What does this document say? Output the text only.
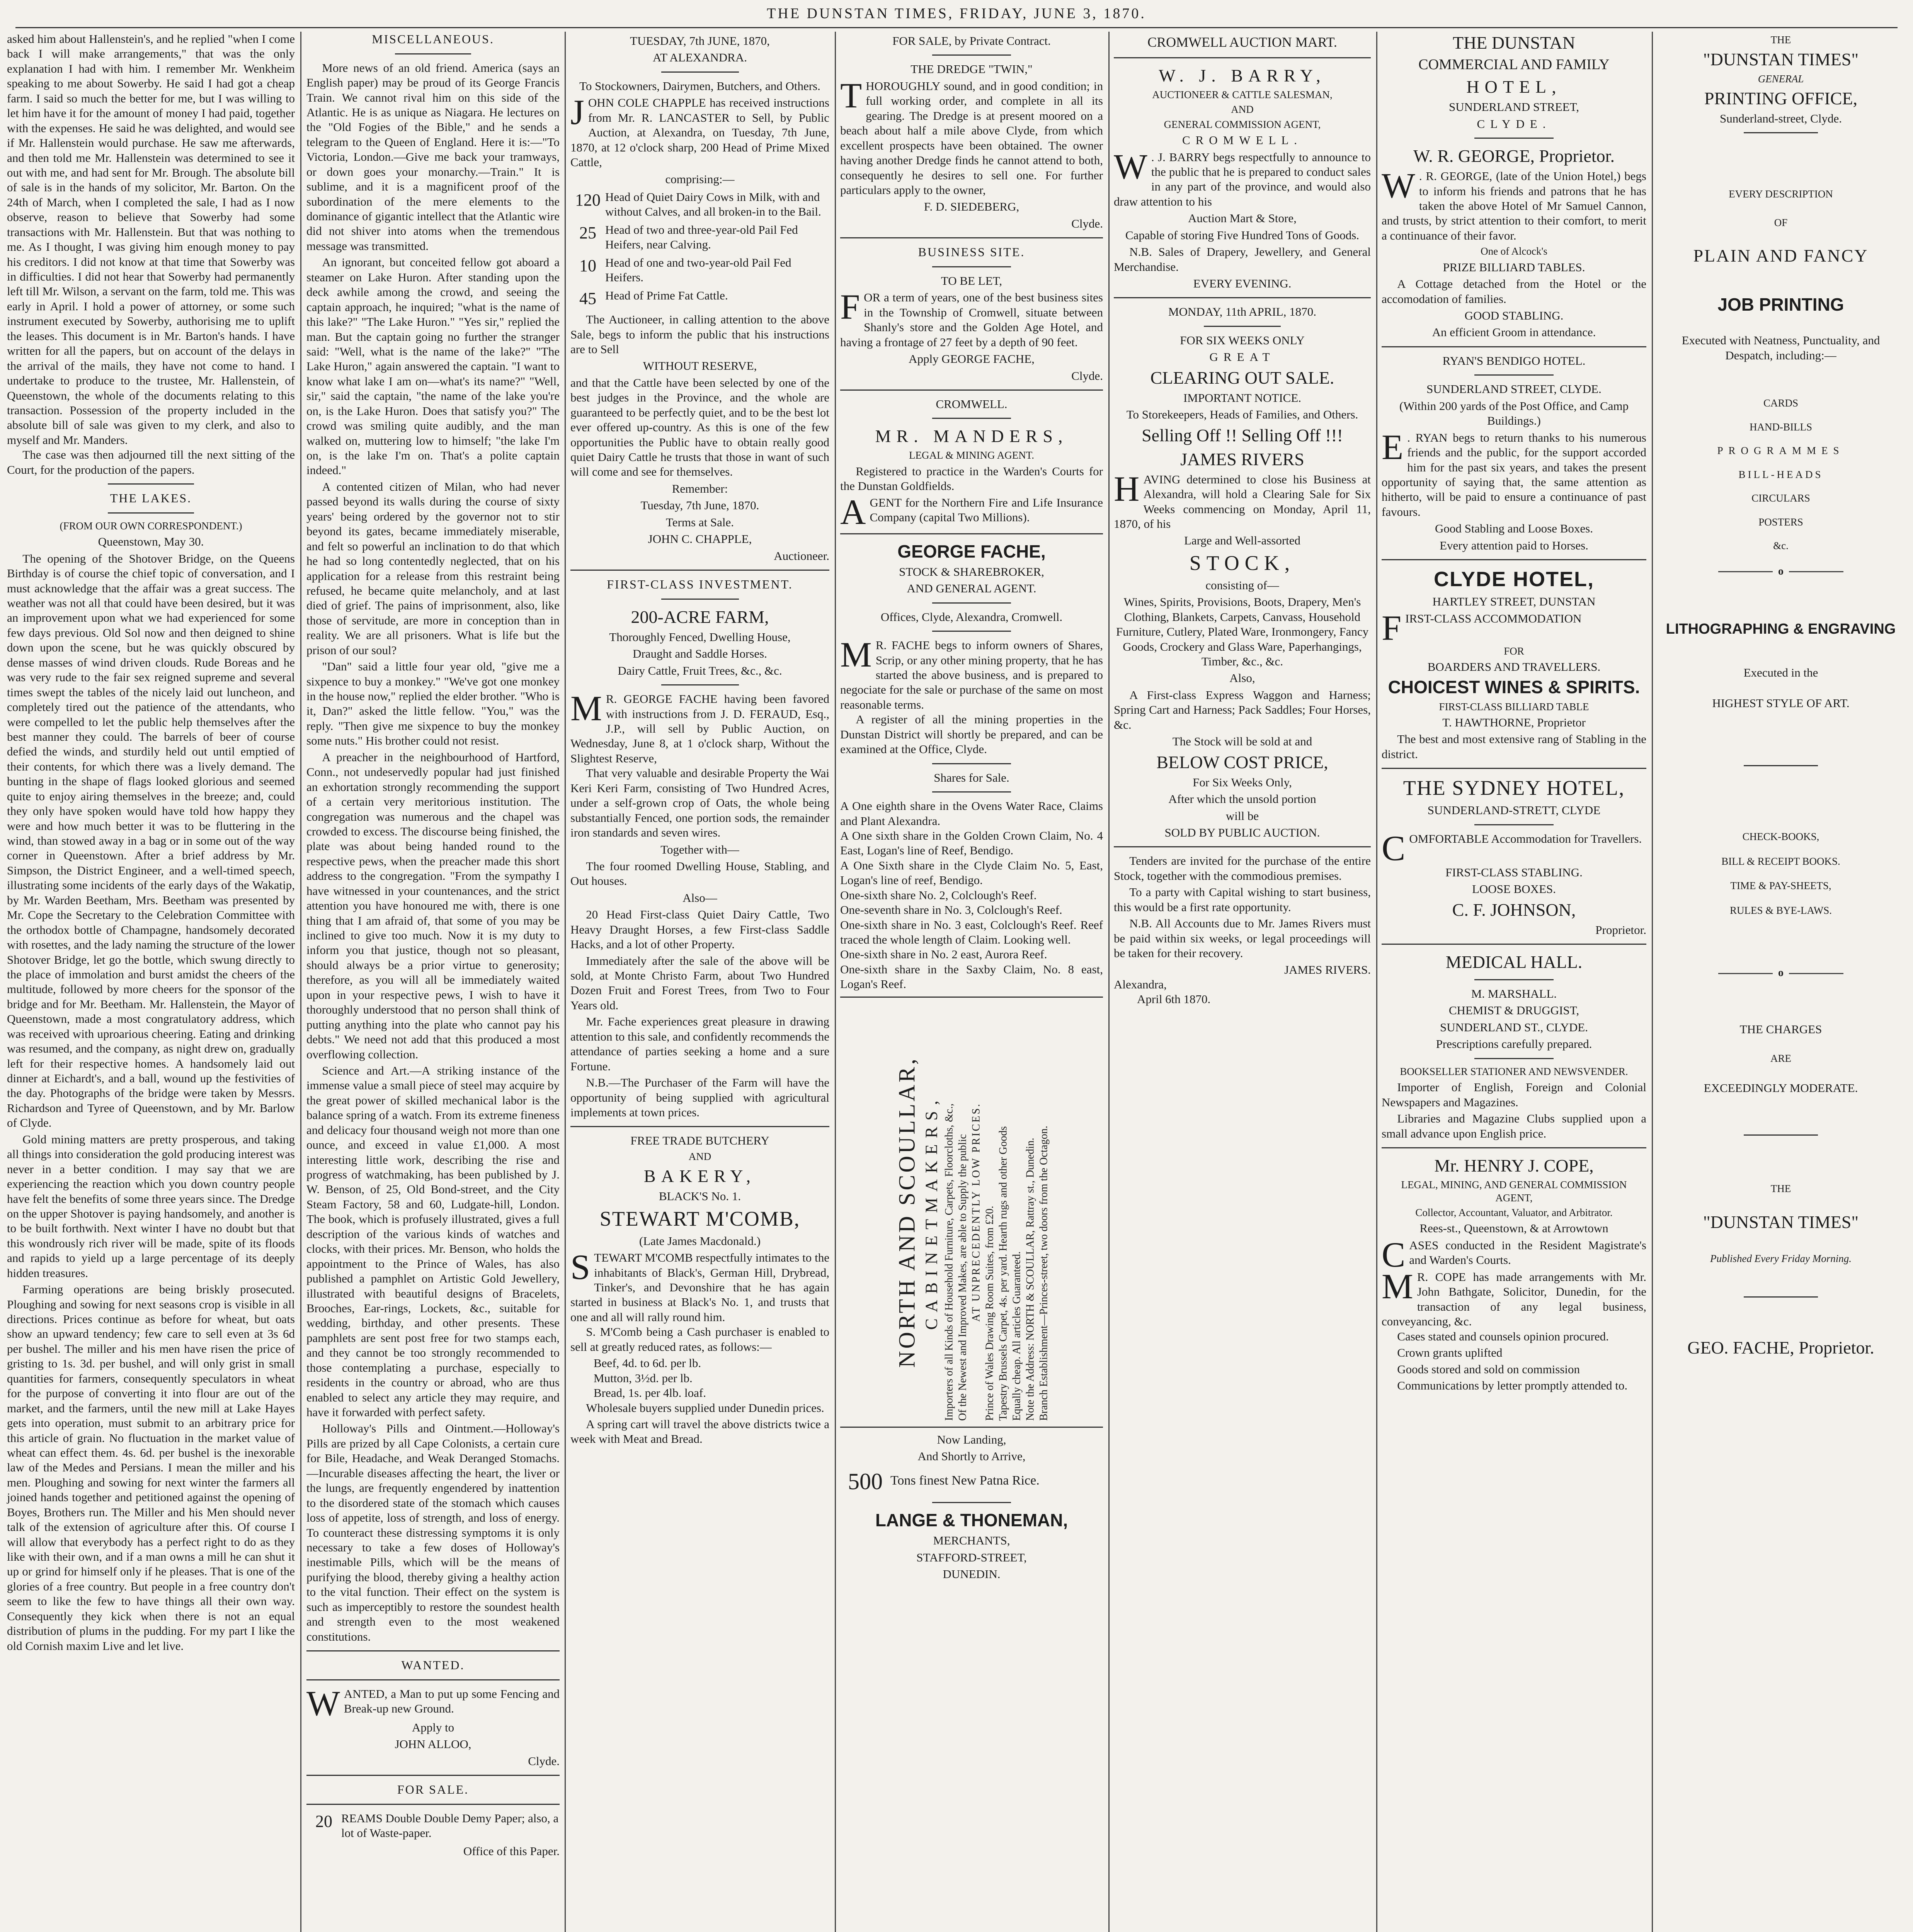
THE DUNSTAN TIMES, FRIDAY, JUNE 3, 1870.

asked him about Hallenstein's, and he replied "when I come back I will make arrangements," that was the only explanation I had with him. I remember Mr. Wenkheim speaking to me about Sowerby. He said I had got a cheap farm. I said so much the better for me, but I was willing to let him have it for the amount of money I had paid, together with the expenses. He said he was delighted, and would see if Mr. Hallenstein would purchase. He saw me afterwards, and then told me Mr. Hallenstein was determined to see it out with me, and had sent for Mr. Brough. The absolute bill of sale is in the hands of my solicitor, Mr. Barton. On the 24th of March, when I completed the sale, I had as I now observe, reason to believe that Sowerby had some transactions with Mr. Hallenstein. But that was nothing to me. As I thought, I was giving him enough money to pay his creditors. I did not know at that time that Sowerby was in difficulties. I did not hear that Sowerby had permanently left till Mr. Wilson, a servant on the farm, told me. This was early in April. I hold a power of attorney, or some such instrument executed by Sowerby, authorising me to uplift the leases. This document is in Mr. Barton's hands. I have written for all the papers, but on account of the delays in the arrival of the mails, they have not come to hand. I undertake to produce to the trustee, Mr. Hallenstein, of Queenstown, the whole of the documents relating to this transaction. Possession of the property included in the absolute bill of sale was given to my clerk, and also to myself and Mr. Manders.

The case was then adjourned till the next sitting of the Court, for the production of the papers.

THE LAKES.
(FROM OUR OWN CORRESPONDENT.)
Queenstown, May 30.

The opening of the Shotover Bridge, on the Queens Birthday is of course the chief topic of conversation, and I must acknowledge that the affair was a great success. The weather was not all that could have been desired, but it was an improvement upon what we had experienced for some few days previous. Old Sol now and then deigned to shine down upon the scene, but he was quickly obscured by dense masses of wind driven clouds. Rude Boreas and he was very rude to the fair sex reigned supreme and several times swept the tables of the nicely laid out luncheon, and completely tired out the patience of the attendants, who were compelled to let the public help themselves after the best manner they could. The barrels of beer of course defied the winds, and sturdily held out until emptied of their contents, for which there was a lively demand. The bunting in the shape of flags looked glorious and seemed quite to enjoy airing themselves in the breeze; and, could they only have spoken would have told how happy they were and how much better it was to be fluttering in the wind, than stowed away in a bag or in some out of the way corner in Queenstown. After a brief address by Mr. Simpson, the District Engineer, and a well-timed speech, illustrating some incidents of the early days of the Wakatip, by Mr. Warden Beetham, Mrs. Beetham was presented by Mr. Cope the Secretary to the Celebration Committee with the orthodox bottle of Champagne, handsomely decorated with rosettes, and the lady naming the structure of the lower Shotover Bridge, let go the bottle, which swung directly to the place of immolation and burst amidst the cheers of the multitude, followed by more cheers for the sponsor of the bridge and for Mr. Beetham. Mr. Hallenstein, the Mayor of Queenstown, made a most congratulatory address, which was received with uproarious cheering. Eating and drinking was resumed, and the company, as night drew on, gradually left for their respective homes. A handsomely laid out dinner at Eichardt's, and a ball, wound up the festivities of the day. Photographs of the bridge were taken by Messrs. Richardson and Tyree of Queenstown, and by Mr. Barlow of Clyde.

Gold mining matters are pretty prosperous, and taking all things into consideration the gold producing interest was never in a better condition. I may say that we are experiencing the reaction which you down country people have felt the benefits of some three years since. The Dredge on the upper Shotover is paying handsomely, and another is to be built forthwith. Next winter I have no doubt but that this wondrously rich river will be made, spite of its floods and rapids to yield up a large percentage of its deeply hidden treasures.

Farming operations are being briskly prosecuted. Ploughing and sowing for next seasons crop is visible in all directions. Prices continue as before for wheat, but oats show an upward tendency; few care to sell even at 3s 6d per bushel. The miller and his men have risen the price of gristing to 1s. 3d. per bushel, and will only grist in small quantities for farmers, consequently speculators in wheat for the purpose of converting it into flour are out of the market, and the farmers, until the new mill at Lake Hayes gets into operation, must submit to an arbitrary price for this article of grain. No fluctuation in the market value of wheat can effect them. 4s. 6d. per bushel is the inexorable law of the Medes and Persians. I mean the miller and his men. Ploughing and sowing for next winter the farmers all joined hands together and petitioned against the opening of Boyes, Brothers run. The Miller and his Men should never talk of the extension of agriculture after this. Of course I will allow that everybody has a perfect right to do as they like with their own, and if a man owns a mill he can shut it up or grind for himself only if he pleases. That is one of the glories of a free country. But people in a free country don't seem to like the few to have things all their own way. Consequently they kick when there is not an equal distribution of plums in the pudding. For my part I like the old Cornish maxim Live and let live.

MISCELLANEOUS.

More news of an old friend. America (says an English paper) may be proud of its George Francis Train. We cannot rival him on this side of the Atlantic. He is as unique as Niagara. He lectures on the "Old Fogies of the Bible," and he sends a telegram to the Queen of England. Here it is:—"To Victoria, London.—Give me back your tramways, or down goes your monarchy.—Train." It is sublime, and it is a magnificent proof of the subordination of the mere elements to the dominance of gigantic intellect that the Atlantic wire did not shiver into atoms when the tremendous message was transmitted.

An ignorant, but conceited fellow got aboard a steamer on Lake Huron. After standing upon the deck awhile among the crowd, and seeing the captain approach, he inquired; "what is the name of this lake?" "The Lake Huron." "Yes sir," replied the man. But the captain going no further the stranger said: "Well, what is the name of the lake?" "The Lake Huron," again answered the captain. "I want to know what lake I am on—what's its name?" "Well, sir," said the captain, "the name of the lake you're on, is the Lake Huron. Does that satisfy you?" The crowd was smiling quite audibly, and the man walked on, muttering low to himself; "the lake I'm on, is the lake I'm on. That's a polite captain indeed."

A contented citizen of Milan, who had never passed beyond its walls during the course of sixty years' being ordered by the governor not to stir beyond its gates, became immediately miserable, and felt so powerful an inclination to do that which he had so long contentedly neglected, that on his application for a release from this restraint being refused, he became quite melancholy, and at last died of grief. The pains of imprisonment, also, like those of servitude, are more in conception than in reality. We are all prisoners. What is life but the prison of our soul?

"Dan" said a little four year old, "give me a sixpence to buy a monkey." "We've got one monkey in the house now," replied the elder brother. "Who is it, Dan?" asked the little fellow. "You," was the reply. "Then give me sixpence to buy the monkey some nuts." His brother could not resist.

A preacher in the neighbourhood of Hartford, Conn., not undeservedly popular had just finished an exhortation strongly recommending the support of a certain very meritorious institution. The congregation was numerous and the chapel was crowded to excess. The discourse being finished, the plate was about being handed round to the respective pews, when the preacher made this short address to the congregation. "From the sympathy I have witnessed in your countenances, and the strict attention you have honoured me with, there is one thing that I am afraid of, that some of you may be inclined to give too much. Now it is my duty to inform you that justice, though not so pleasant, should always be a prior virtue to generosity; therefore, as you will all be immediately waited upon in your respective pews, I wish to have it thoroughly understood that no person shall think of putting anything into the plate who cannot pay his debts." We need not add that this produced a most overflowing collection.

Science and Art.—A striking instance of the immense value a small piece of steel may acquire by the great power of skilled mechanical labor is the balance spring of a watch. From its extreme fineness and delicacy four thousand weigh not more than one ounce, and exceed in value £1,000. A most interesting little work, describing the rise and progress of watchmaking, has been published by J. W. Benson, of 25, Old Bond-street, and the City Steam Factory, 58 and 60, Ludgate-hill, London. The book, which is profusely illustrated, gives a full description of the various kinds of watches and clocks, with their prices. Mr. Benson, who holds the appointment to the Prince of Wales, has also published a pamphlet on Artistic Gold Jewellery, illustrated with beautiful designs of Bracelets, Brooches, Ear-rings, Lockets, &c., suitable for wedding, birthday, and other presents. These pamphlets are sent post free for two stamps each, and they cannot be too strongly recommended to those contemplating a purchase, especially to residents in the country or abroad, who are thus enabled to select any article they may require, and have it forwarded with perfect safety.

Holloway's Pills and Ointment.—Holloway's Pills are prized by all Cape Colonists, a certain cure for Bile, Headache, and Weak Deranged Stomachs.—Incurable diseases affecting the heart, the liver or the lungs, are frequently engendered by inattention to the disordered state of the stomach which causes loss of appetite, loss of strength, and loss of energy. To counteract these distressing symptoms it is only necessary to take a few doses of Holloway's inestimable Pills, which will be the means of purifying the blood, thereby giving a healthy action to the vital function. Their effect on the system is such as imperceptibly to restore the soundest health and strength even to the most weakened constitutions.

WANTED.

WANTED, a Man to put up some Fencing and Break-up new Ground.

Apply to
JOHN ALLOO,
Clyde.
FOR SALE.
20 REAMS Double Double Demy Paper; also, a lot of Waste-paper.
Office of this Paper.
TUESDAY, 7th JUNE, 1870,
AT ALEXANDRA.
To Stockowners, Dairymen, Butchers, and Others.

JOHN COLE CHAPPLE has received instructions from Mr. R. LANCASTER to Sell, by Public Auction, at Alexandra, on Tuesday, 7th June, 1870, at 12 o'clock sharp, 200 Head of Prime Mixed Cattle,

comprising:—
120 Head of Quiet Dairy Cows in Milk, with and without Calves, and all broken-in to the Bail.
25 Head of two and three-year-old Pail Fed Heifers, near Calving.
10 Head of one and two-year-old Pail Fed Heifers.
45 Head of Prime Fat Cattle.

The Auctioneer, in calling attention to the above Sale, begs to inform the public that his instructions are to Sell

WITHOUT RESERVE,

and that the Cattle have been selected by one of the best judges in the Province, and the whole are guaranteed to be perfectly quiet, and to be the best lot ever offered up-country. As this is one of the few opportunities the Public have to obtain really good quiet Dairy Cattle he trusts that those in want of such will come and see for themselves.

Remember:
Tuesday, 7th June, 1870.
Terms at Sale.
JOHN C. CHAPPLE,
Auctioneer.
FIRST-CLASS INVESTMENT.
200-ACRE FARM,
Thoroughly Fenced, Dwelling House,
Draught and Saddle Horses.
Dairy Cattle, Fruit Trees, &c., &c.

M R. GEORGE FACHE having been favored with instructions from J. D. FERAUD, Esq., J.P., will sell by Public Auction, on Wednesday, June 8, at 1 o'clock sharp, Without the Slightest Reserve,

That very valuable and desirable Property the Wai Keri Keri Farm, consisting of Two Hundred Acres, under a self-grown crop of Oats, the whole being substantially Fenced, one portion sods, the remainder iron standards and seven wires.

Together with—

The four roomed Dwelling House, Stabling, and Out houses.

Also—

20 Head First-class Quiet Dairy Cattle, Two Heavy Draught Horses, a few First-class Saddle Hacks, and a lot of other Property.

Immediately after the sale of the above will be sold, at Monte Christo Farm, about Two Hundred Dozen Fruit and Forest Trees, from Two to Four Years old.

Mr. Fache experiences great pleasure in drawing attention to this sale, and confidently recommends the attendance of parties seeking a home and a sure Fortune.

N.B.—The Purchaser of the Farm will have the opportunity of being supplied with agricultural implements at town prices.

FREE TRADE BUTCHERY
AND
BAKERY,
BLACK'S No. 1.
STEWART M'COMB,
(Late James Macdonald.)

STEWART M'COMB respectfully intimates to the inhabitants of Black's, German Hill, Drybread, Tinker's, and Devonshire that he has again started in business at Black's No. 1, and trusts that one and all will rally round him.

S. M'Comb being a Cash purchaser is enabled to sell at greatly reduced rates, as follows:—

Beef, 4d. to 6d. per lb.
Mutton, 3½d. per lb.
Bread, 1s. per 4lb. loaf.

Wholesale buyers supplied under Dunedin prices.

A spring cart will travel the above districts twice a week with Meat and Bread.

FOR SALE, by Private Contract.
THE DREDGE "TWIN,"

THOROUGHLY sound, and in good condition; in full working order, and complete in all its gearing. The Dredge is at present moored on a beach about half a mile above Clyde, from which excellent prospects have been obtained. The owner having another Dredge finds he cannot attend to both, consequently he desires to sell one. For further particulars apply to the owner,

F. D. SIEDEBERG,
Clyde.
BUSINESS SITE.
TO BE LET,

FOR a term of years, one of the best business sites in the Township of Cromwell, situate between Shanly's store and the Golden Age Hotel, and having a frontage of 27 feet by a depth of 90 feet.

Apply GEORGE FACHE,
Clyde.
CROMWELL.
MR. MANDERS,
LEGAL & MINING AGENT.

Registered to practice in the Warden's Courts for the Dunstan Goldfields.

AGENT for the Northern Fire and Life Insurance Company (capital Two Millions).

GEORGE FACHE,
STOCK & SHAREBROKER,
AND GENERAL AGENT.
Offices, Clyde, Alexandra, Cromwell.

M R. FACHE begs to inform owners of Shares, Scrip, or any other mining property, that he has started the above business, and is prepared to negociate for the sale or purchase of the same on most reasonable terms.

A register of all the mining properties in the Dunstan District will shortly be prepared, and can be examined at the Office, Clyde.

Shares for Sale.

A One eighth share in the Ovens Water Race, Claims and Plant Alexandra.

A One sixth share in the Golden Crown Claim, No. 4 East, Logan's line of Reef, Bendigo.

A One Sixth share in the Clyde Claim No. 5, East, Logan's line of reef, Bendigo.

One-sixth share No. 2, Colclough's Reef.

One-seventh share in No. 3, Colclough's Reef.

One-sixth share in No. 3 east, Colclough's Reef. Reef traced the whole length of Claim. Looking well.

One-sixth share in No. 2 east, Aurora Reef.

One-sixth share in the Saxby Claim, No. 8 east, Logan's Reef.

NORTH AND SCOULLAR, CABINETMAKERS, Importers of all Kinds of Household Furniture, Carpets, Floorcloths, &c., Of the Newest and Improved Makes, are able to Supply the public AT UNPRECEDENTLY LOW PRICES. Prince of Wales Drawing Room Suites, from £20. Tapestry Brussels Carpet, 4s. per yard. Hearth rugs and other Goods Equally cheap. All articles Guaranteed. Note the Address: NORTH & SCOULLAR, Rattray st., Dunedin. Branch Establishment—Princes-street, two doors from the Octagon.
Now Landing,
And Shortly to Arrive,
500 Tons finest New Patna Rice.
LANGE & THONEMAN,
MERCHANTS,
STAFFORD-STREET,
DUNEDIN.
CROMWELL AUCTION MART.
W. J. BARRY,
AUCTIONEER & CATTLE SALESMAN,
AND
GENERAL COMMISSION AGENT,
CROMWELL.

W . J. BARRY begs respectfully to announce to the public that he is prepared to conduct sales in any part of the province, and would also draw attention to his

Auction Mart & Store,
Capable of storing Five Hundred Tons of Goods.

N.B. Sales of Drapery, Jewellery, and General Merchandise.

EVERY EVENING.
MONDAY, 11th APRIL, 1870.
FOR SIX WEEKS ONLY
GREAT
CLEARING OUT SALE.
IMPORTANT NOTICE.
To Storekeepers, Heads of Families, and Others.
Selling Off !! Selling Off !!!
JAMES RIVERS

HAVING determined to close his Business at Alexandra, will hold a Clearing Sale for Six Weeks commencing on Monday, April 11, 1870, of his

Large and Well-assorted
STOCK,
consisting of—

Wines, Spirits, Provisions, Boots, Drapery, Men's Clothing, Blankets, Carpets, Canvass, Household Furniture, Cutlery, Plated Ware, Ironmongery, Fancy Goods, Crockery and Glass Ware, Paperhangings, Timber, &c., &c.

Also,

A First-class Express Waggon and Harness; Spring Cart and Harness; Pack Saddles; Four Horses, &c.

The Stock will be sold at and
BELOW COST PRICE,
For Six Weeks Only,
After which the unsold portion
will be
SOLD BY PUBLIC AUCTION.

Tenders are invited for the purchase of the entire Stock, together with the commodious premises.

To a party with Capital wishing to start business, this would be a first rate opportunity.

N.B. All Accounts due to Mr. James Rivers must be paid within six weeks, or legal proceedings will be taken for their recovery.

JAMES RIVERS.
Alexandra,
April 6th 1870.
THE DUNSTAN
COMMERCIAL AND FAMILY
HOTEL,
SUNDERLAND STREET,
CLYDE.
W. R. GEORGE, Proprietor.

W . R. GEORGE, (late of the Union Hotel,) begs to inform his friends and patrons that he has taken the above Hotel of Mr Samuel Cannon, and trusts, by strict attention to their comfort, to merit a continuance of their favor.

One of Alcock's
PRIZE BILLIARD TABLES.

A Cottage detached from the Hotel or the accomodation of families.

GOOD STABLING.
An efficient Groom in attendance.
RYAN'S BENDIGO HOTEL.
SUNDERLAND STREET, CLYDE.
(Within 200 yards of the Post Office, and Camp Buildings.)

E . RYAN begs to return thanks to his numerous friends and the public, for the support accorded him for the past six years, and takes the present opportunity of saying that, the same attention as hitherto, will be paid to ensure a continuance of past favours.

Good Stabling and Loose Boxes.
Every attention paid to Horses.
CLYDE HOTEL,
HARTLEY STREET, DUNSTAN

FIRST-CLASS ACCOMMODATION

FOR
BOARDERS AND TRAVELLERS.
CHOICEST WINES & SPIRITS.
FIRST-CLASS BILLIARD TABLE
T. HAWTHORNE, Proprietor

The best and most extensive rang of Stabling in the district.

THE SYDNEY HOTEL,
SUNDERLAND-STRETT, CLYDE

COMFORTABLE Accommodation for Travellers.

FIRST-CLASS STABLING.
LOOSE BOXES.
C. F. JOHNSON,
Proprietor.
MEDICAL HALL.
M. MARSHALL.
CHEMIST & DRUGGIST,
SUNDERLAND ST., CLYDE.
Prescriptions carefully prepared.
BOOKSELLER STATIONER AND NEWSVENDER.

Importer of English, Foreign and Colonial Newspapers and Magazines.

Libraries and Magazine Clubs supplied upon a small advance upon English price.

Mr. HENRY J. COPE,
LEGAL, MINING, AND GENERAL COMMISSION AGENT,
Collector, Accountant, Valuator, and Arbitrator.
Rees-st., Queenstown, & at Arrowtown

CASES conducted in the Resident Magistrate's and Warden's Courts.

M R. COPE has made arrangements with Mr. John Bathgate, Solicitor, Dunedin, for the transaction of any legal business, conveyancing, &c.

Cases stated and counsels opinion procured.

Crown grants uplifted

Goods stored and sold on commission

Communications by letter promptly attended to.

THE
"DUNSTAN TIMES"
GENERAL
PRINTING OFFICE,
Sunderland-street, Clyde.
EVERY DESCRIPTION
OF
PLAIN AND FANCY
JOB PRINTING

Executed with Neatness, Punctuality, and Despatch, including:—

CARDS
HAND-BILLS
PROGRAMMES
BILL-HEADS
CIRCULARS
POSTERS
&c.
o
LITHOGRAPHING & ENGRAVING
Executed in the
HIGHEST STYLE OF ART.
CHECK-BOOKS,
BILL & RECEIPT BOOKS.
TIME & PAY-SHEETS,
RULES & BYE-LAWS.
o
THE CHARGES
ARE
EXCEEDINGLY MODERATE.
THE
"DUNSTAN TIMES"
Published Every Friday Morning.
GEO. FACHE, Proprietor.
